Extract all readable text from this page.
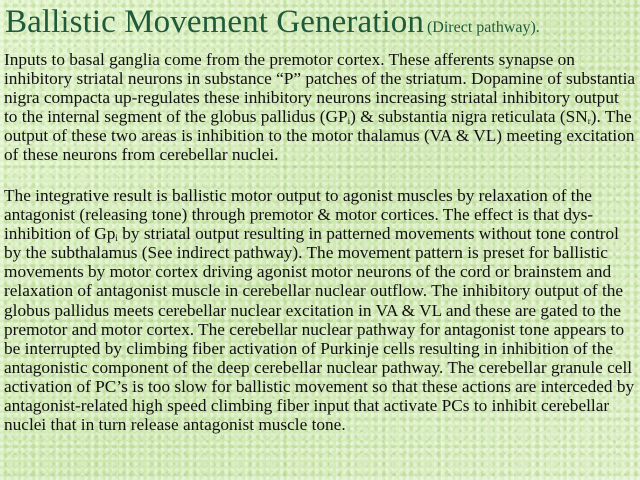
Ballistic Movement Generation (Direct pathway).

Inputs to basal ganglia come from the premotor cortex. These afferents synapse on inhibitory striatal neurons in substance “P” patches of the striatum. Dopamine of substantia nigra compacta up-regulates these inhibitory neurons increasing striatal inhibitory output to the internal segment of the globus pallidus $(GP_i)$ & substantia nigra reticulata $(SN_r)$. The output of these two areas is inhibition to the motor thalamus (VA & VL) meeting excitation of these neurons from cerebellar nuclei.

The integrative result is ballistic motor output to agonist muscles by relaxation of the antagonist (releasing tone) through premotor & motor cortices. The effect is that dys-inhibition of $Gp_i$ by striatal output resulting in patterned movements without tone control by the subthalamus (See indirect pathway). The movement pattern is preset for ballistic movements by motor cortex driving agonist motor neurons of the cord or brainstem and relaxation of antagonist muscle in cerebellar nuclear outflow. The inhibitory output of the globus pallidus meets cerebellar nuclear excitation in VA & VL and these are gated to the premotor and motor cortex. The cerebellar nuclear pathway for antagonist tone appears to be interrupted by climbing fiber activation of Purkinje cells resulting in inhibition of the antagonistic component of the deep cerebellar nuclear pathway. The cerebellar granule cell activation of PC’s is too slow for ballistic movement so that these actions are interceded by antagonist-related high speed climbing fiber input that activate PCs to inhibit cerebellar nuclei that in turn release antagonist muscle tone.
